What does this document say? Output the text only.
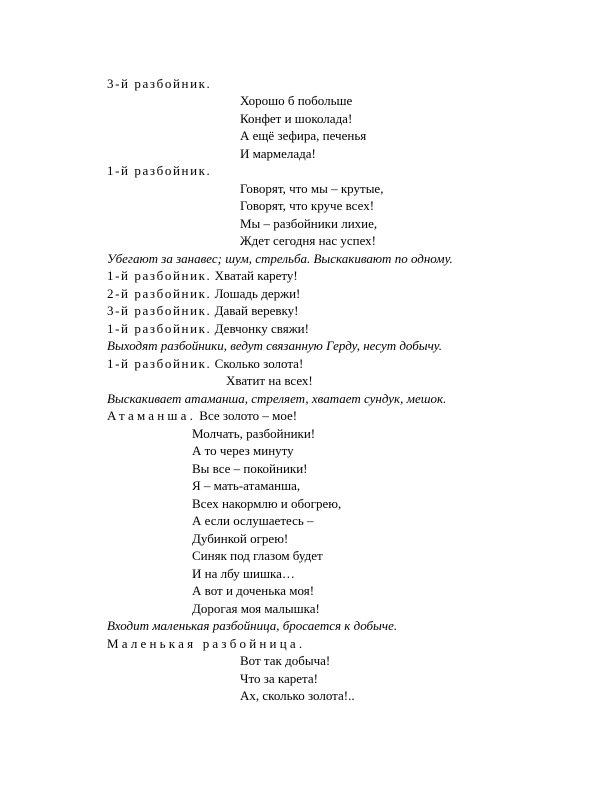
3-й разбойник.
Хорошо б побольше
Конфет и шоколада!
А ещё зефира, печенья
И мармелада!
1-й разбойник.
Говорят, что мы – крутые,
Говорят, что круче всех!
Мы – разбойники лихие,
Ждет сегодня нас успех!
Убегают за занавес; шум, стрельба. Выскакивают по одному.
1-й разбойник. Хватай карету!
2-й разбойник. Лошадь держи!
3-й разбойник. Давай веревку!
1-й разбойник. Девчонку свяжи!
Выходят разбойники, ведут связанную Герду, несут добычу.
1-й разбойник. Сколько золота!
Хватит на всех!
Выскакивает атаманша, стреляет, хватает сундук, мешок.
Атаманша. Все золото – мое!
Молчать, разбойники!
А то через минуту
Вы все – покойники!
Я – мать-атаманша,
Всех накормлю и обогрею,
А если ослушаетесь –
Дубинкой огрею!
Синяк под глазом будет
И на лбу шишка…
А вот и доченька моя!
Дорогая моя малышка!
Входит маленькая разбойница, бросается к добыче.
Маленькая разбойница.
Вот так добыча!
Что за карета!
Ах, сколько золота!..
